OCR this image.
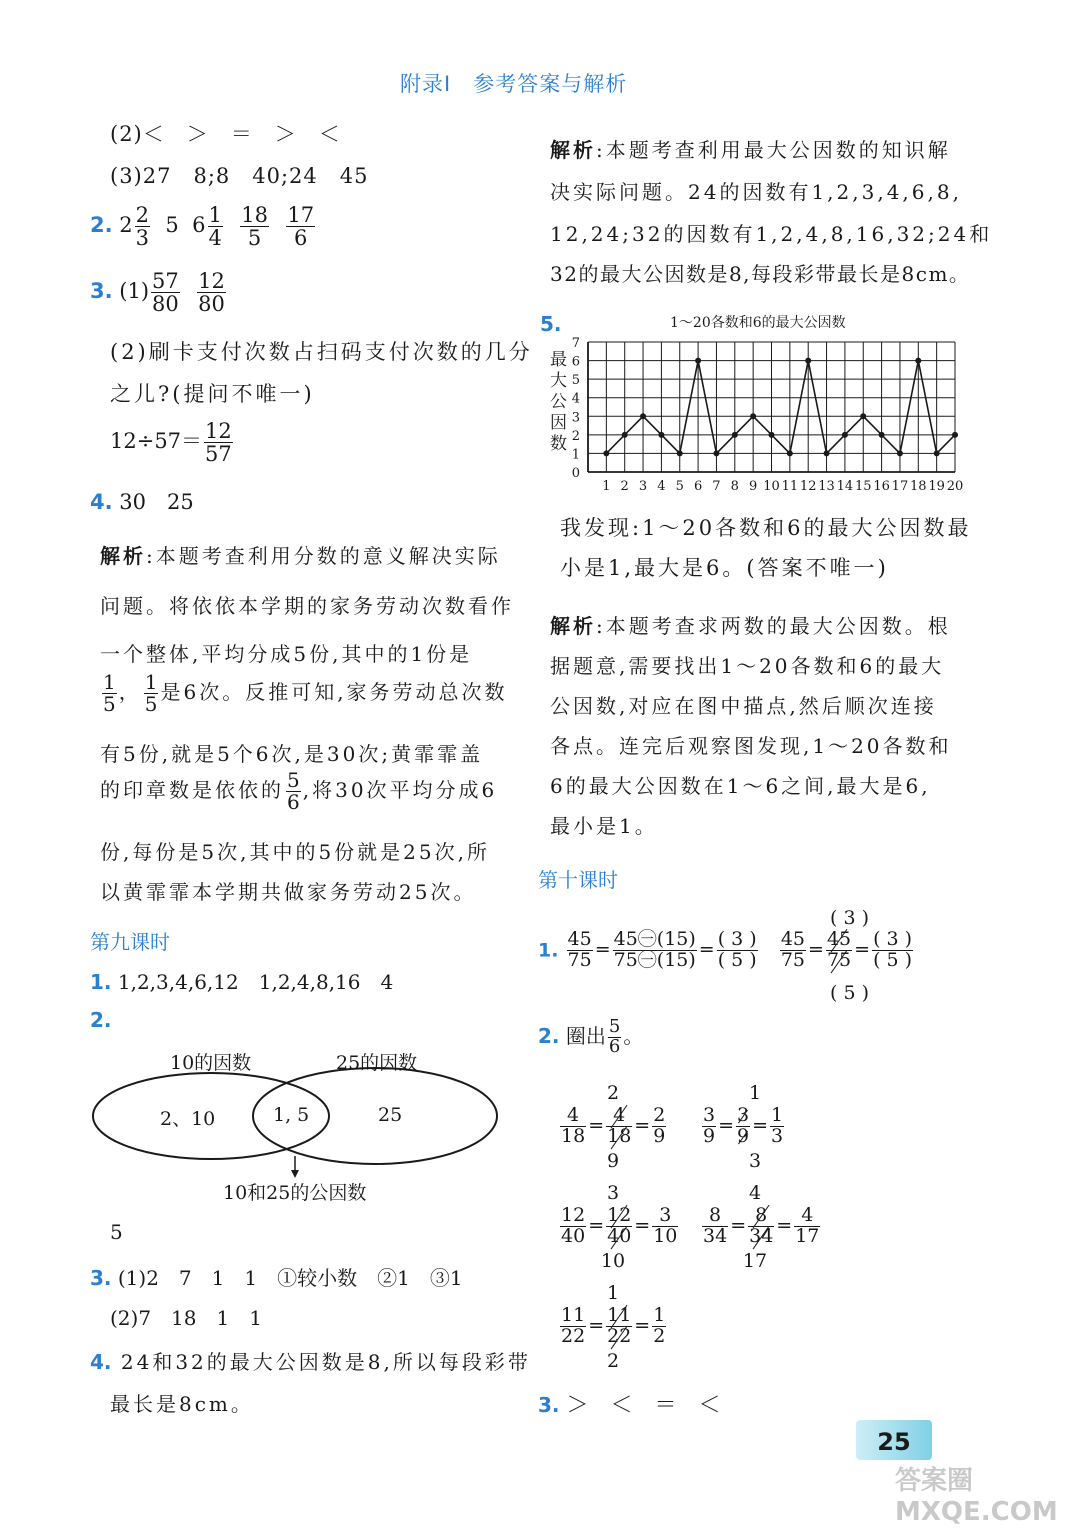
附录Ⅰ　参考答案与解析
(2)＜　＞　＝　＞　＜
(3)27　8;8　40;24　45
2. $2 \frac{2}{3} 5$ $6 \frac{1}{4}$
$\frac{18}{5}$
$\frac{17}{6}$
3. $(1) \frac{57}{80}$
$\frac{12}{80}$
(2)刷卡支付次数占扫码支付次数的几分
之儿?(提问不唯一)
$12\div 57= \frac{12}{57}$
4. 30　25
解析:本题考查利用分数的意义解决实际
问题。将依依本学期的家务劳动次数看作
一个整体,平均分成5份,其中的1份是
$\frac{1}{5}$ ， $\frac{1}{5}$ 是6次。反推可知,家务劳动总次数
有5份,就是5个6次,是30次;黄霏霏盖
的印章数是依依的 $\frac{5}{6}$ ,将30次平均分成6
份,每份是5次,其中的5份就是25次,所
以黄霏霏本学期共做家务劳动25次。
第九课时
1. 1,2,3,4,6,12　1,2,4,8,16　4
2.
10的因数	25的因数
2、10	1, 5	25
10和25的公因数
5
3. (1)2　7　1　1　①较小数　②1　③1
(2)7　18　1　1
4. 24和32的最大公因数是8,所以每段彩带
最长是8cm。
解析:本题考查利用最大公因数的知识解
决实际问题。24的因数有1,2,3,4,6,8,
12,24;32的因数有1,2,4,8,16,32;24和
32的最大公因数是8,每段彩带最长是8cm。
5.	1～20各数和6的最大公因数
最大公因数
0
1
2
3
4
5
6
7
1 2 3 4 5 6 7 8 9 10 11 12 13 14 15 16 17 18 19 20
我发现:1～20各数和6的最大公因数最
小是1,最大是6。(答案不唯一)
解析:本题考查求两数的最大公因数。根
据题意,需要找出1～20各数和6的最大
公因数,对应在图中描点,然后顺次连接
各点。连完后观察图发现,1～20各数和
6的最大公因数在1～6之间,最大是6,
最小是1。
第十课时
1. $\frac{45}{75} = \frac{\text{45㊀(15)}}{\text{75㊀(15)}} = \frac{( 3 )}{( 5 )}$
$\frac{45}{75} = \frac{45}{75} = \frac{( 3 )}{( 5 )}$
( 3 )
( 5 )
2. 圈出 $\frac{5}{6}$ 。
2
$\frac{4}{18} = \frac{4}{18} = \frac{2}{9}$
9
1
$\frac{3}{9} = \frac{3}{9} = \frac{1}{3}$
3
3
$\frac{12}{40} = \frac{12}{40} = \frac{3}{10}$
10
4
$\frac{8}{34} = \frac{8}{34} = \frac{4}{17}$
17
1
$\frac{11}{22} = \frac{11}{22} = \frac{1}{2}$
2
3. ＞　＜　＝　＜
25
答案圈 MXQE.COM
